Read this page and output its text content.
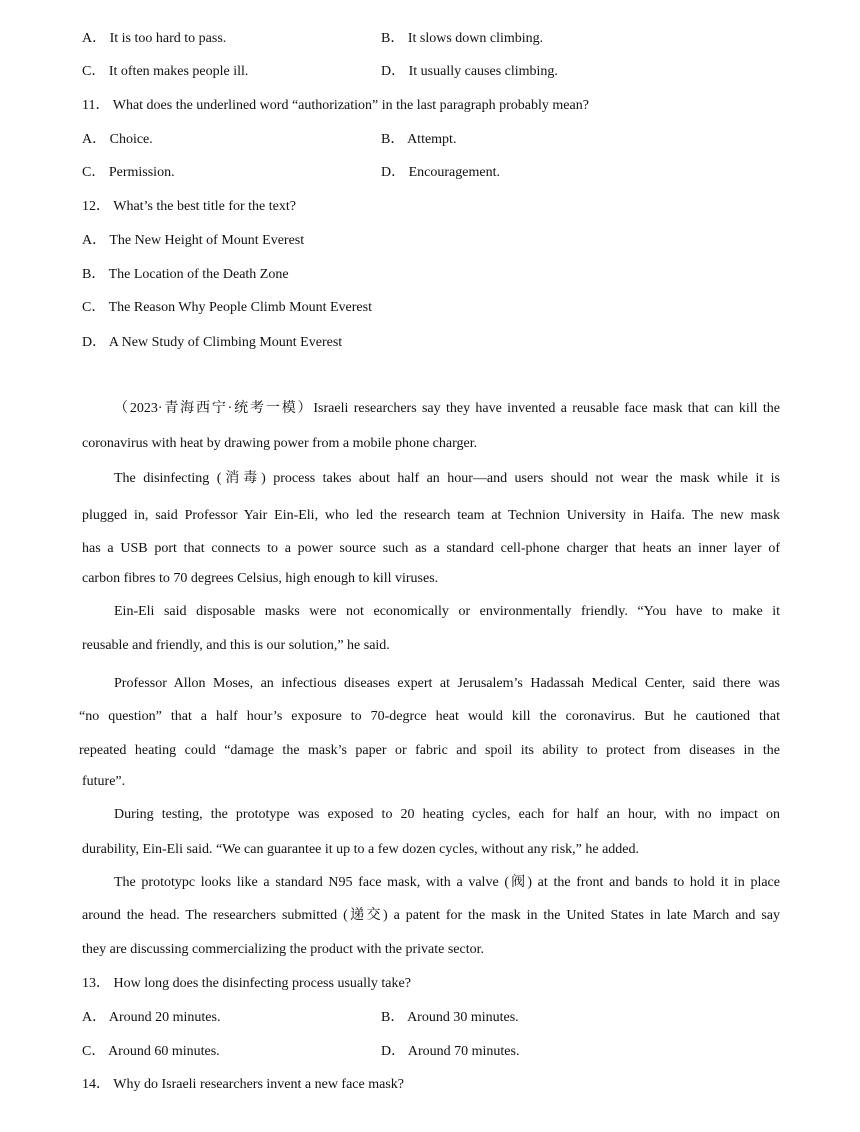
A． It is too hard to pass.	B． It slows down climbing.
C． It often makes people ill.	D． It usually causes climbing.
11． What does the underlined word “authorization” in the last paragraph probably mean?
A． Choice.	B． Attempt.
C． Permission.	D． Encouragement.
12． What’s the best title for the text?
A． The New Height of Mount Everest
B． The Location of the Death Zone
C． The Reason Why People Climb Mount Everest
D． A New Study of Climbing Mount Everest
（2023·青海西宁·统考一模）Israeli researchers say they have invented a reusable face mask that can kill the
coronavirus with heat by drawing power from a mobile phone charger.
The disinfecting (消毒) process takes about half an hour—and users should not wear the mask while it is
plugged in, said Professor Yair Ein-Eli, who led the research team at Technion University in Haifa. The new mask
has a USB port that connects to a power source such as a standard cell-phone charger that heats an inner layer of
carbon fibres to 70 degrees Celsius, high enough to kill viruses.
Ein-Eli said disposable masks were not economically or environmentally friendly. “You have to make it
reusable and friendly, and this is our solution,” he said.
Professor Allon Moses, an infectious diseases expert at Jerusalem’s Hadassah Medical Center, said there was
“no question” that a half hour’s exposure to 70-degrce heat would kill the coronavirus. But he cautioned that
repeated heating could “damage the mask’s paper or fabric and spoil its ability to protect from diseases in the
future”.
During testing, the prototype was exposed to 20 heating cycles, each for half an hour, with no impact on
durability, Ein-Eli said. “We can guarantee it up to a few dozen cycles, without any risk,” he added.
The prototypc looks like a standard N95 face mask, with a valve (阀) at the front and bands to hold it in place
around the head. The researchers submitted (递交) a patent for the mask in the United States in late March and say
they are discussing commercializing the product with the private sector.
13． How long does the disinfecting process usually take?
A． Around 20 minutes.	B． Around 30 minutes.
C． Around 60 minutes.	D． Around 70 minutes.
14． Why do Israeli researchers invent a new face mask?
